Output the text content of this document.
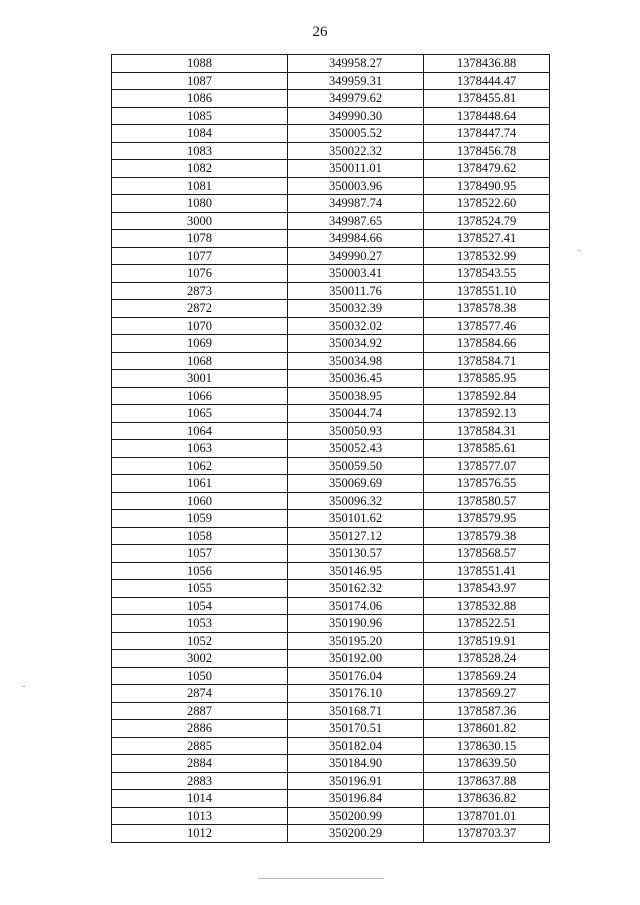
26
1088	349958.27	1378436.88
1087	349959.31	1378444.47
1086	349979.62	1378455.81
1085	349990.30	1378448.64
1084	350005.52	1378447.74
1083	350022.32	1378456.78
1082	350011.01	1378479.62
1081	350003.96	1378490.95
1080	349987.74	1378522.60
3000	349987.65	1378524.79
1078	349984.66	1378527.41
1077	349990.27	1378532.99
1076	350003.41	1378543.55
2873	350011.76	1378551.10
2872	350032.39	1378578.38
1070	350032.02	1378577.46
1069	350034.92	1378584.66
1068	350034.98	1378584.71
3001	350036.45	1378585.95
1066	350038.95	1378592.84
1065	350044.74	1378592.13
1064	350050.93	1378584.31
1063	350052.43	1378585.61
1062	350059.50	1378577.07
1061	350069.69	1378576.55
1060	350096.32	1378580.57
1059	350101.62	1378579.95
1058	350127.12	1378579.38
1057	350130.57	1378568.57
1056	350146.95	1378551.41
1055	350162.32	1378543.97
1054	350174.06	1378532.88
1053	350190.96	1378522.51
1052	350195.20	1378519.91
3002	350192.00	1378528.24
1050	350176.04	1378569.24
2874	350176.10	1378569.27
2887	350168.71	1378587.36
2886	350170.51	1378601.82
2885	350182.04	1378630.15
2884	350184.90	1378639.50
2883	350196.91	1378637.88
1014	350196.84	1378636.82
1013	350200.99	1378701.01
1012	350200.29	1378703.37
